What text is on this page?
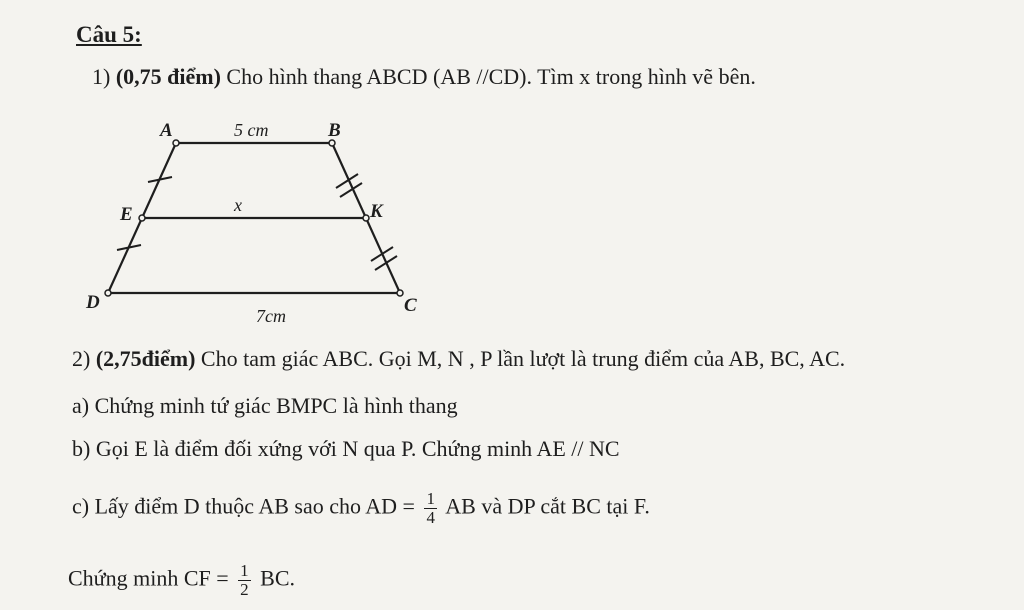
Câu 5:
1) (0,75 điểm) Cho hình thang ABCD (AB //CD). Tìm x trong hình vẽ bên.
A	B
E	K
D	C
5 cm
x
7cm
2) (2,75điểm) Cho tam giác ABC. Gọi M, N , P lần lượt là trung điểm của AB, BC, AC.
a) Chứng minh tứ giác BMPC là hình thang
b) Gọi E là điểm đối xứng với N qua P. Chứng minh AE // NC
c) Lấy điểm D thuộc AB sao cho AD = $\frac{1}{4}$ AB và DP cắt BC tại F.
Chứng minh CF = $\frac{1}{2}$ BC.
